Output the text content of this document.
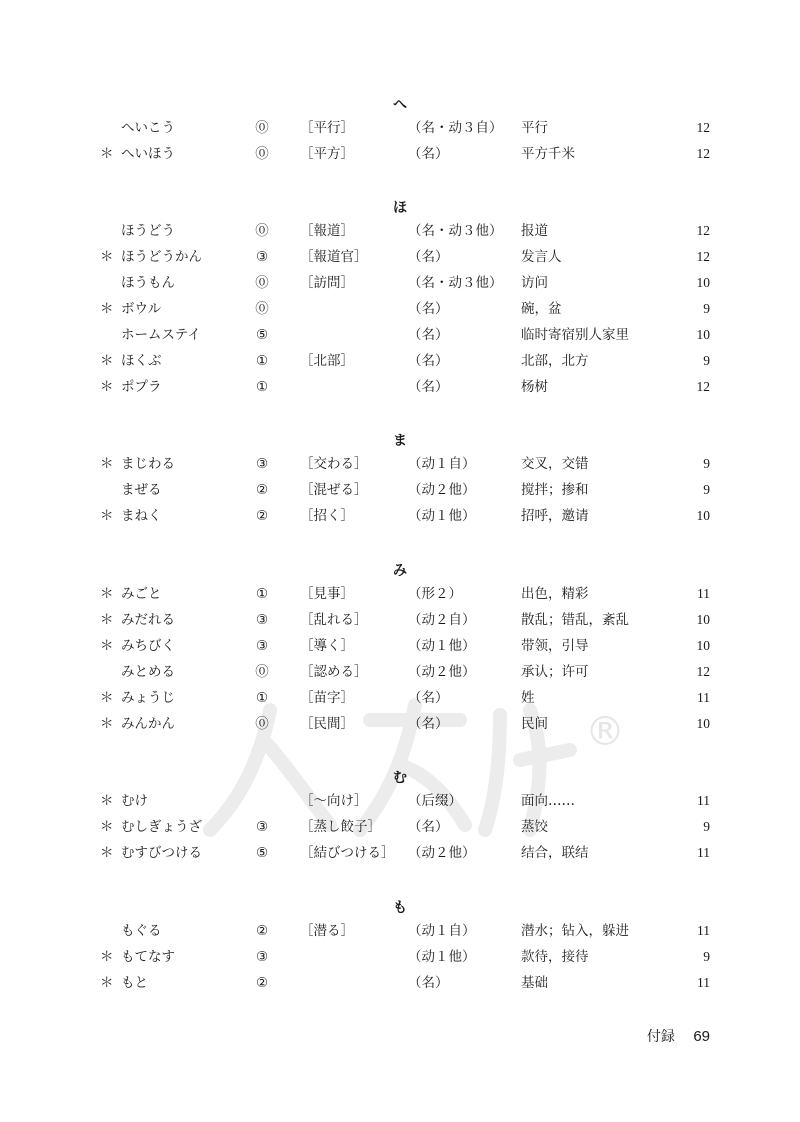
®
へ
へいこう	⓪ ［平行］	（名・动３自） 平行	12
＊ へいほう	⓪ ［平方］	（名）	平方千米	12
ほ
ほうどう	⓪ ［報道］	（名・动３他） 报道	12
＊ ほうどうかん	③ ［報道官］	（名）	发言人	12
ほうもん	⓪ ［訪問］	（名・动３他） 访问	10
＊ ボウル	⓪	（名）	碗，盆	9
ホームステイ	⑤	（名）	临时寄宿别人家里	10
＊ ほくぶ	① ［北部］	（名）	北部，北方	9
＊ ポプラ	①	（名）	杨树	12
ま
＊ まじわる	③ ［交わる］	（动１自）	交叉，交错	9
まぜる	② ［混ぜる］	（动２他）	搅拌；掺和	9
＊ まねく	② ［招く］	（动１他）	招呼，邀请	10
み
＊ みごと	① ［見事］	（形２）	出色，精彩	11
＊ みだれる	③ ［乱れる］	（动２自）	散乱；错乱，紊乱	10
＊ みちびく	③ ［導く］	（动１他）	带领，引导	10
みとめる	⓪ ［認める］	（动２他）	承认；许可	12
＊ みょうじ	① ［苗字］	（名）	姓	11
＊ みんかん	⓪ ［民間］	（名）	民间	10
む
＊ むけ	［～向け］	（后缀）	面向……	11
＊ むしぎょうざ	③ ［蒸し餃子］ （名）	蒸饺	9
＊ むすびつける	⑤ ［結びつける］ （动２他）	结合，联结	11
も
もぐる	② ［潜る］	（动１自）	潜水；钻入，躲进	11
＊ もてなす	③	（动１他）	款待，接待	9
＊ もと	②	（名）	基础	11
付録 69
